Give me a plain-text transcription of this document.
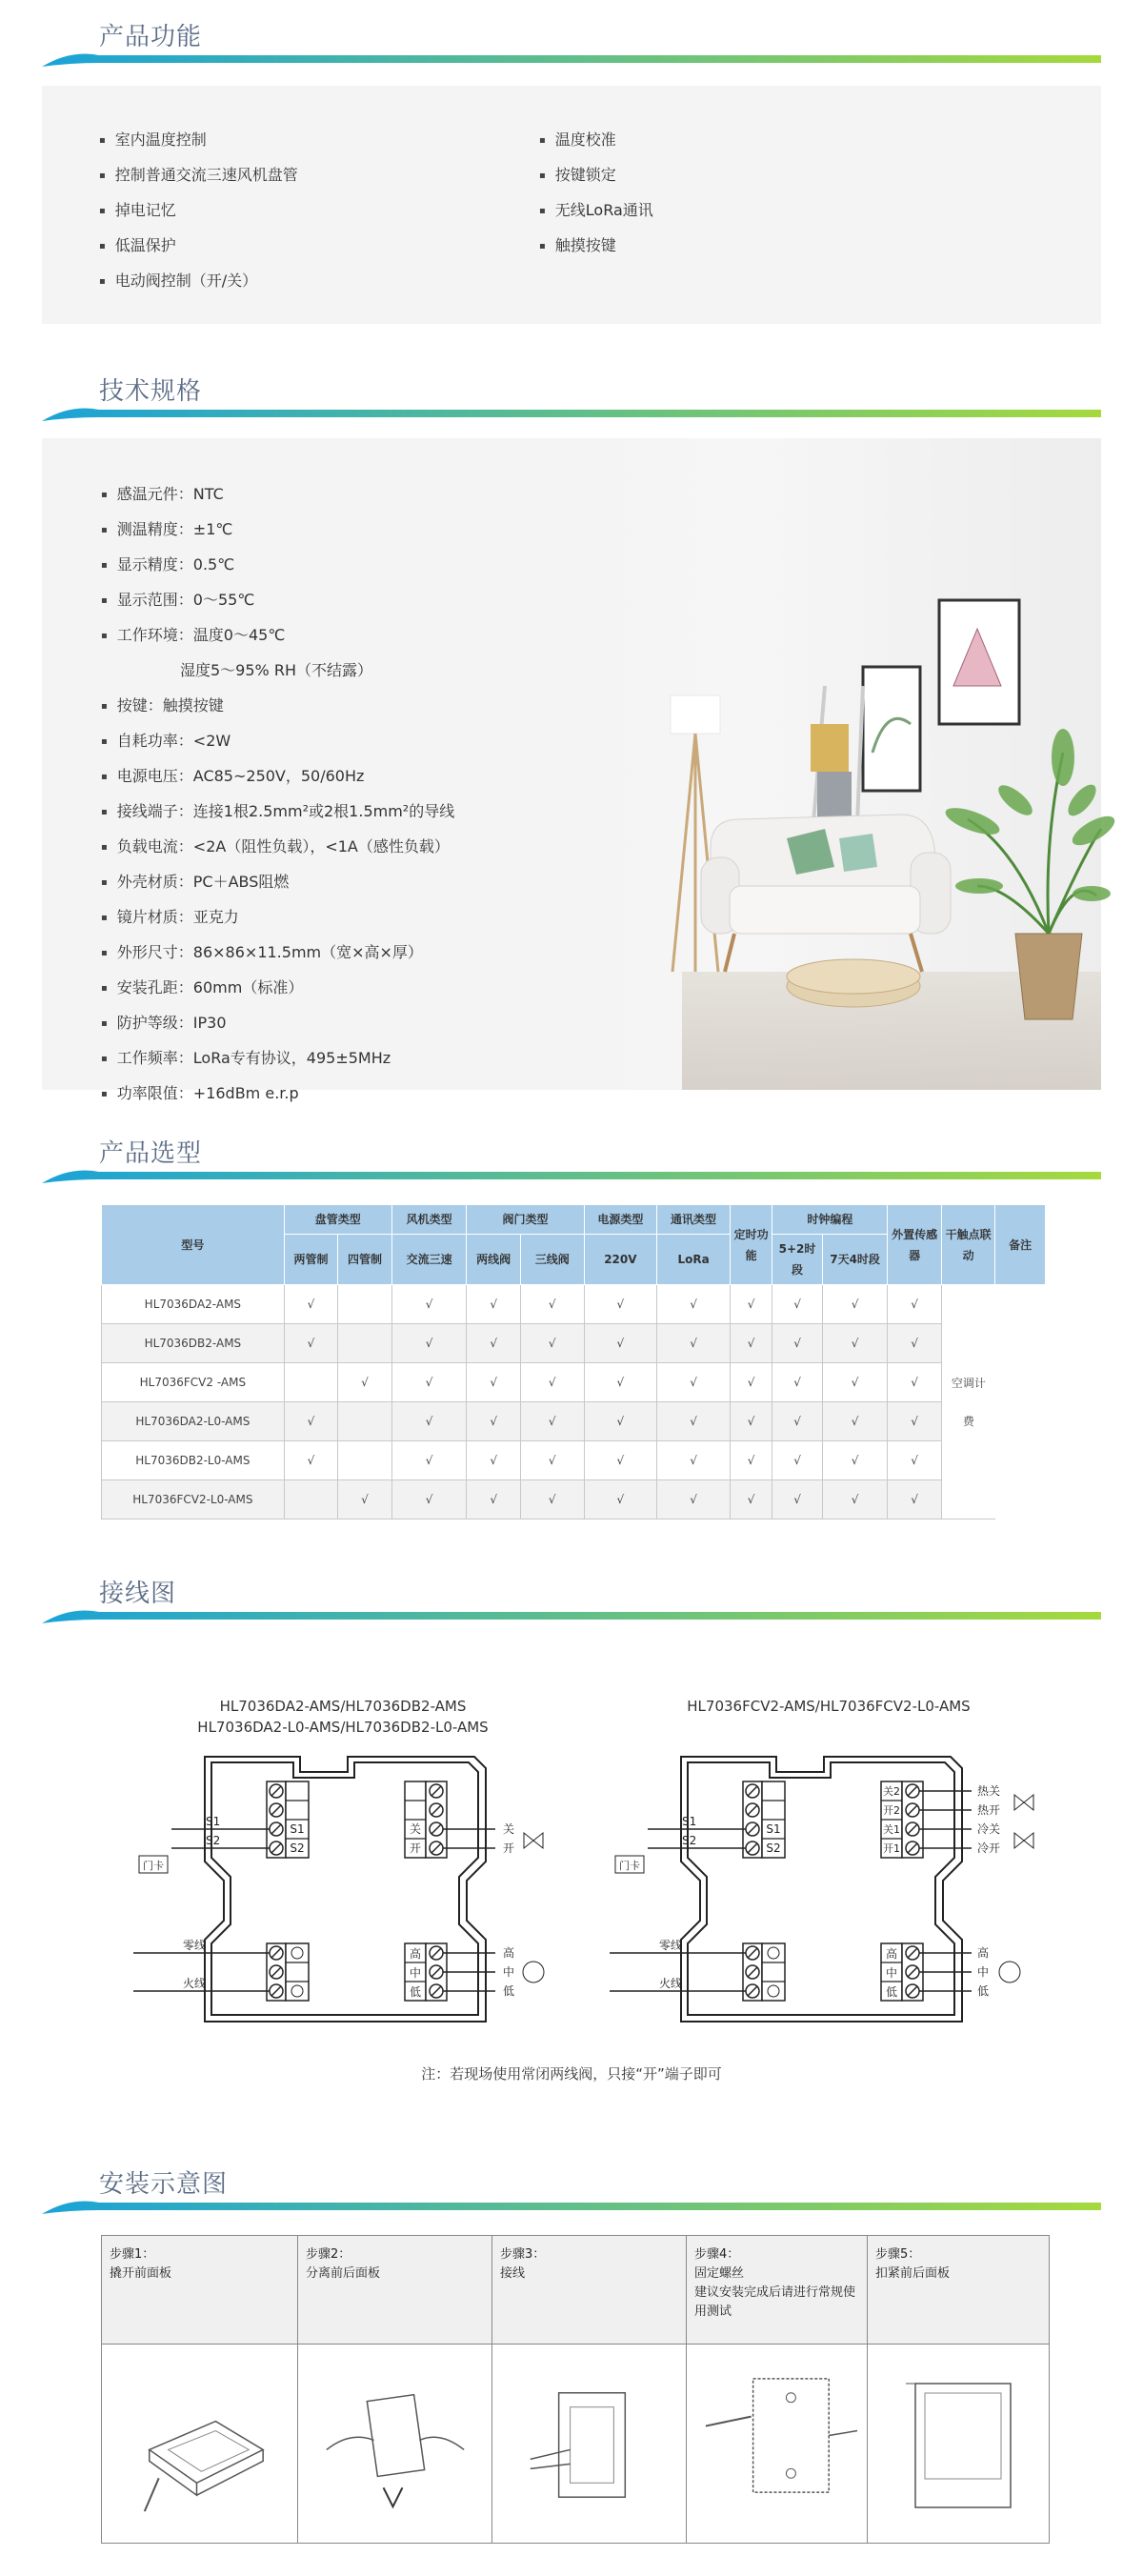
产品功能
▪ 室内温度控制
▪ 控制普通交流三速风机盘管
▪ 掉电记忆
▪ 低温保护
▪ 电动阀控制（开/关）
▪ 温度校准
▪ 按键锁定
▪ 无线LoRa通讯
▪ 触摸按键
技术规格
▪ 感温元件：NTC
▪ 测温精度：±1℃
▪ 显示精度：0.5℃
▪ 显示范围：0～55℃
▪ 工作环境：温度0～45℃
湿度5～95% RH（不结露）
▪ 按键：触摸按键
▪ 自耗功率：<2W
▪ 电源电压：AC85~250V，50/60Hz
▪ 接线端子：连接1根2.5mm²或2根1.5mm²的导线
▪ 负载电流：<2A（阻性负载），<1A（感性负载）
▪ 外壳材质：PC＋ABS阻燃
▪ 镜片材质：亚克力
▪ 外形尺寸：86×86×11.5mm（宽×高×厚）
▪ 安装孔距：60mm（标准）
▪ 防护等级：IP30
▪ 工作频率：LoRa专有协议，495±5MHz
▪ 功率限值：+16dBm e.r.p
产品选型
型号	盘管类型		风机类型	阀门类型		电源类型	通讯类型	定时功能	时钟编程		外置传感器	干触点联动	备注
	两管制	四管制	交流三速	两线阀	三线阀	220V	LoRa		5+2时段	7天4时段			
HL7036DA2-AMS	√		√	√	√	√	√	√	√	√	√	空调计费	
HL7036DB2-AMS	√		√	√	√	√	√	√	√	√	√		
HL7036FCV2 -AMS		√	√	√	√	√	√	√	√	√	√		
HL7036DA2-L0-AMS	√		√	√	√	√	√	√	√	√	√		
HL7036DB2-L0-AMS	√		√	√	√	√	√	√	√	√	√		
HL7036FCV2-L0-AMS		√	√	√	√	√	√	√	√	√	√		
接线图
HL7036DA2-AMS/HL7036DB2-AMS
HL7036DA2-L0-AMS/HL7036DB2-L0-AMS
HL7036FCV2-AMS/HL7036FCV2-L0-AMS
S1
S2
关
开
高
中
低
S1
S2
门卡
零线
火线
关
开
高
中
低
S1
S2
关2
开2
关1
开1
高
中
低
S1
S2
门卡
零线
火线
热关
热开
冷关
冷开
高
中
低
注：若现场使用常闭两线阀，只接“开”端子即可
安装示意图
步骤1：
撬开前面板
步骤2：
分离前后面板
步骤3：
接线
步骤4：
固定螺丝
建议安装完成后请进行常规使用测试
步骤5：
扣紧前后面板
